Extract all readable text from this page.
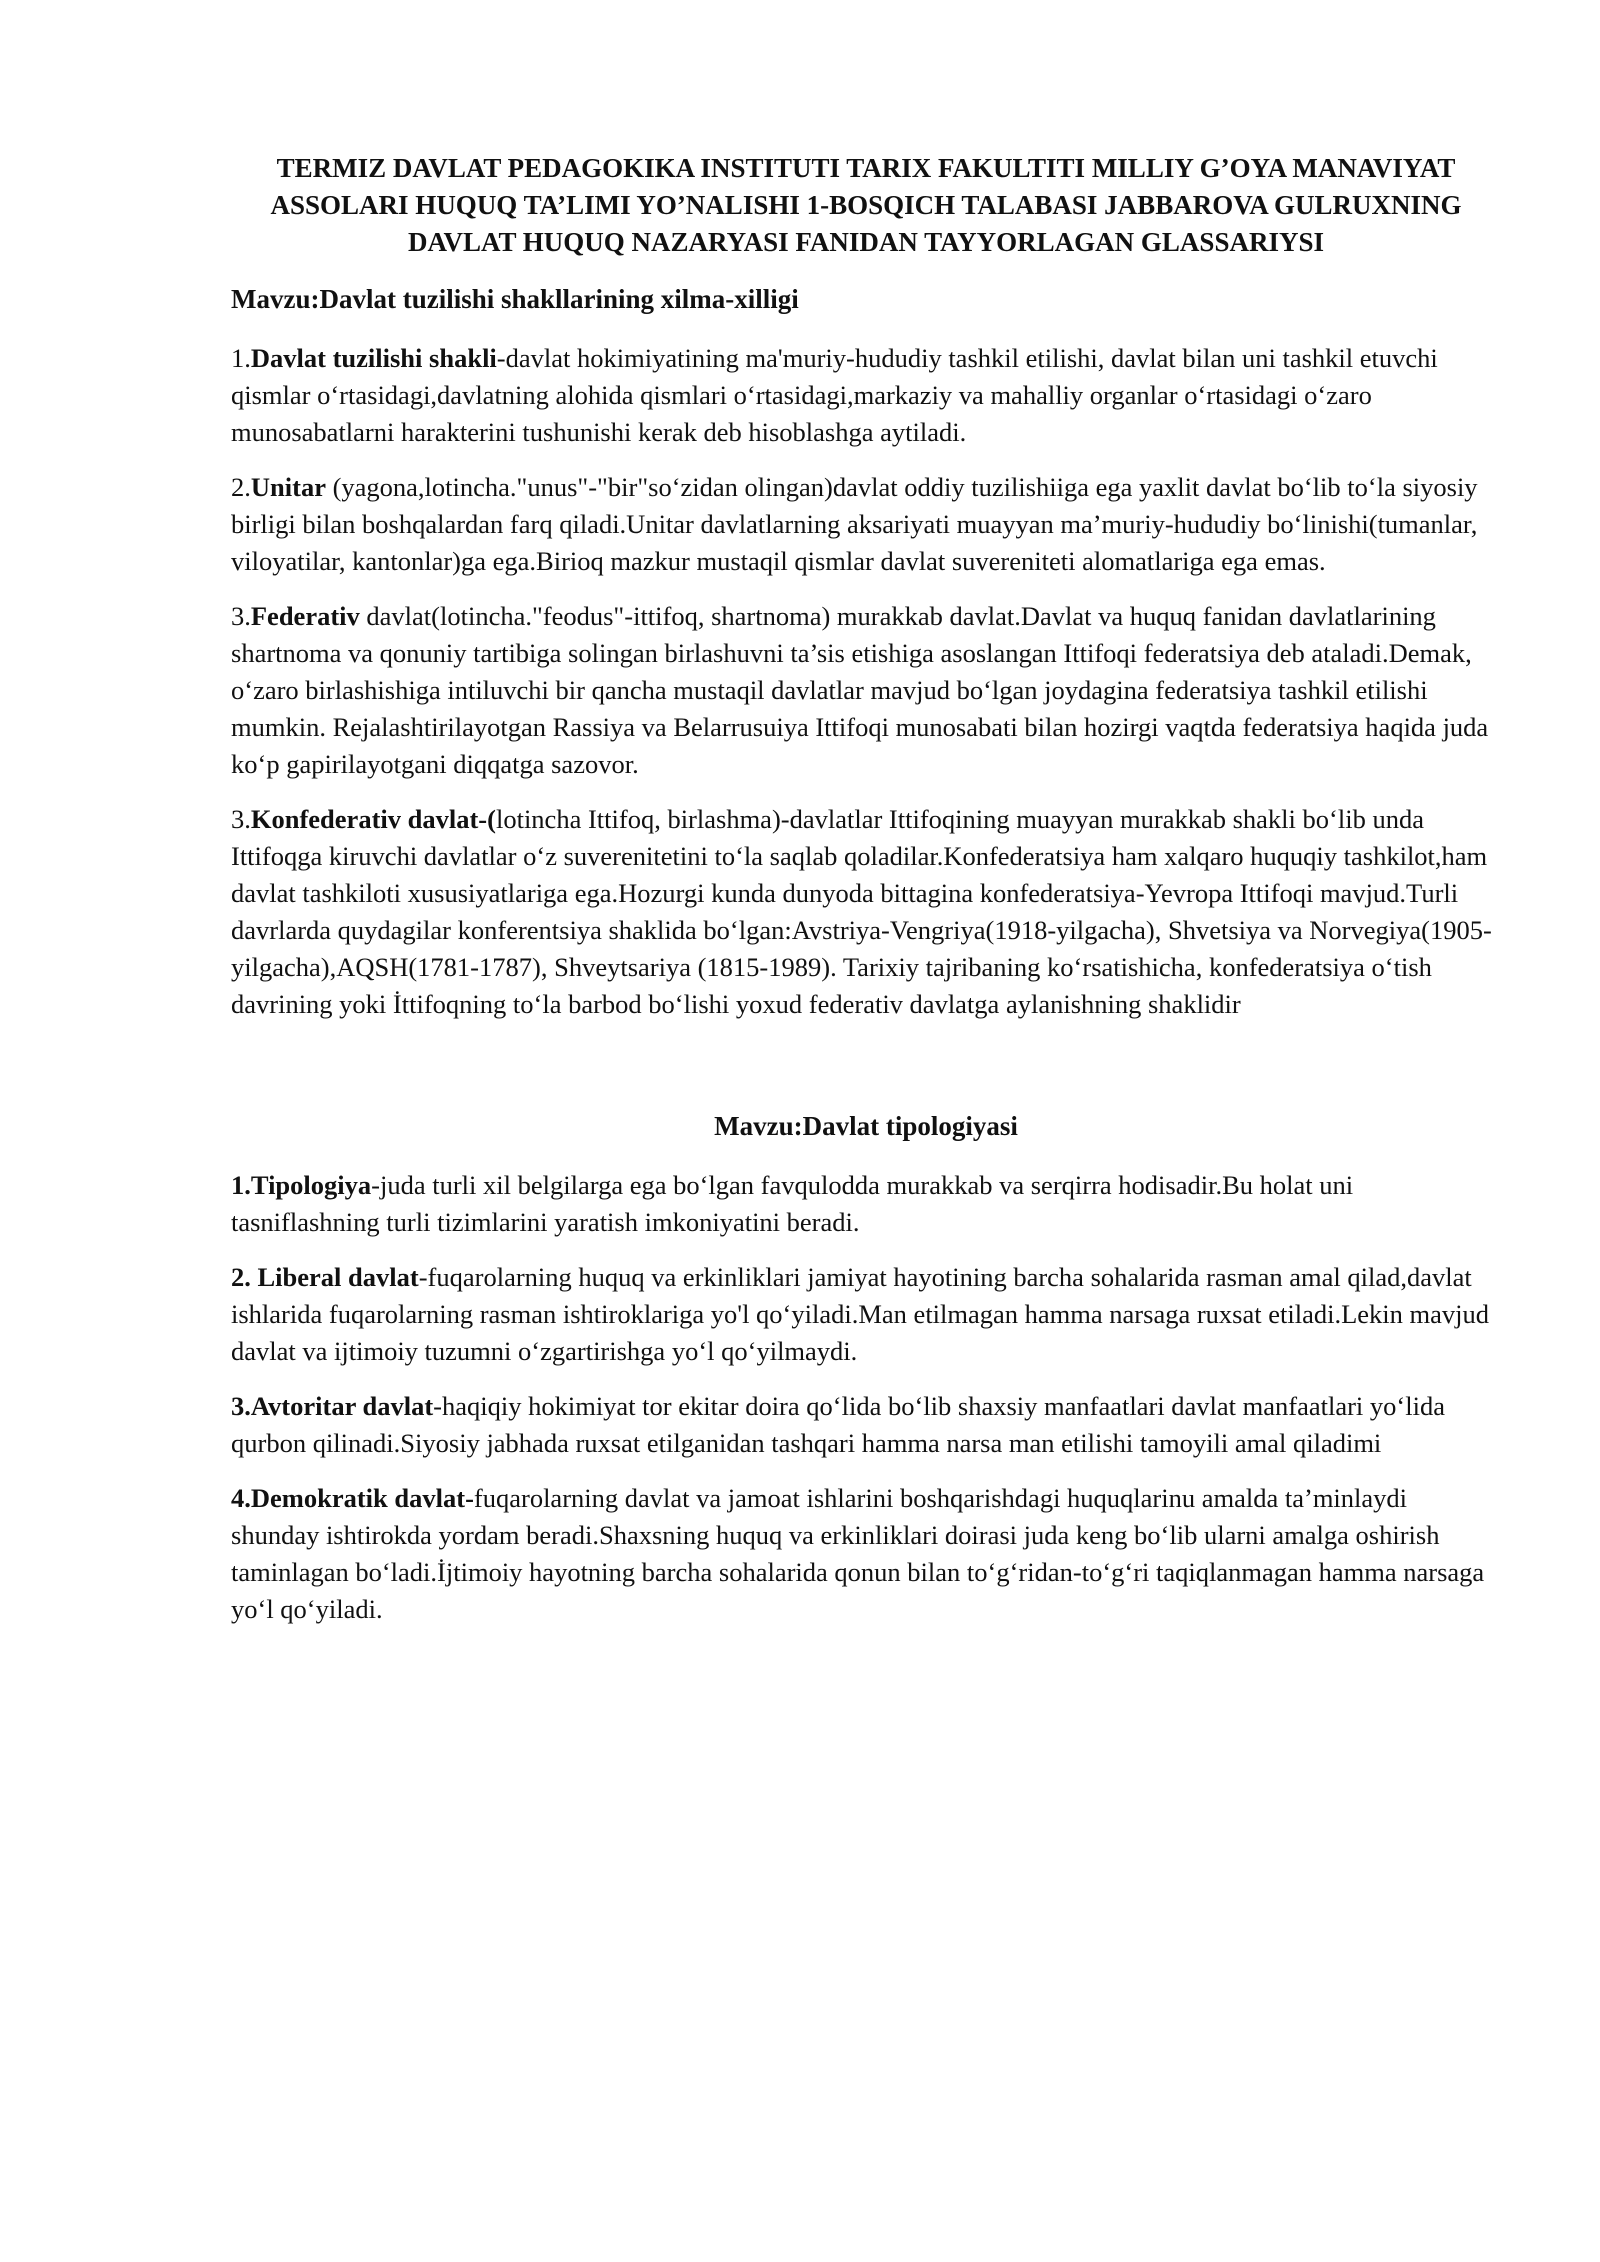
TERMIZ DAVLAT PEDAGOKIKA INSTITUTI TARIX FAKULTITI MILLIY G’OYA MANAVIYAT ASSOLARI HUQUQ TA’LIMI YO’NALISHI 1-BOSQICH TALABASI JABBAROVA GULRUXNING DAVLAT HUQUQ NAZARYASI FANIDAN TAYYORLAGAN GLASSARIYSI
Mavzu:Davlat tuzilishi shakllarining xilma-xilligi

1.Davlat tuzilishi shakli-davlat hokimiyatining ma'muriy-hududiy tashkil etilishi, davlat bilan uni tashkil etuvchi qismlar o‘rtasidagi,davlatning alohida qismlari o‘rtasidagi,markaziy va mahalliy organlar o‘rtasidagi o‘zaro munosabatlarni harakterini tushunishi kerak deb hisoblashga aytiladi.

2.Unitar (yagona,lotincha."unus"-"bir"so‘zidan olingan)davlat oddiy tuzilishiiga ega yaxlit davlat bo‘lib to‘la siyosiy birligi bilan boshqalardan farq qiladi.Unitar davlatlarning aksariyati muayyan ma’muriy-hududiy bo‘linishi(tumanlar, viloyatilar, kantonlar)ga ega.Birioq mazkur mustaqil qismlar davlat suvereniteti alomatlariga ega emas.

3.Federativ davlat(lotincha."feodus"-ittifoq, shartnoma) murakkab davlat.Davlat va huquq fanidan davlatlarining shartnoma va qonuniy tartibiga solingan birlashuvni ta’sis etishiga asoslangan Ittifoqi federatsiya deb ataladi.Demak, o‘zaro birlashishiga intiluvchi bir qancha mustaqil davlatlar mavjud bo‘lgan joydagina federatsiya tashkil etilishi mumkin. Rejalashtirilayotgan Rassiya va Belarrusuiya Ittifoqi munosabati bilan hozirgi vaqtda federatsiya haqida juda ko‘p gapirilayotgani diqqatga sazovor.

3.Konfederativ davlat-(lotincha Ittifoq, birlashma)-davlatlar Ittifoqining muayyan murakkab shakli bo‘lib unda Ittifoqga kiruvchi davlatlar o‘z suverenitetini to‘la saqlab qoladilar.Konfederatsiya ham xalqaro huquqiy tashkilot,ham davlat tashkiloti xususiyatlariga ega.Hozurgi kunda dunyoda bittagina konfederatsiya-Yevropa Ittifoqi mavjud.Turli davrlarda quydagilar konferentsiya shaklida bo‘lgan:Avstriya-Vengriya(1918-yilgacha), Shvetsiya va Norvegiya(1905-yilgacha),AQSH(1781-1787), Shveytsariya (1815-1989). Tarixiy tajribaning ko‘rsatishicha, konfederatsiya o‘tish davrining yoki İttifoqning to‘la barbod bo‘lishi yoxud federativ davlatga aylanishning shaklidir

Mavzu:Davlat tipologiyasi

1.Tipologiya-juda turli xil belgilarga ega bo‘lgan favqulodda murakkab va serqirra hodisadir.Bu holat uni tasniflashning turli tizimlarini yaratish imkoniyatini beradi.

2. Liberal davlat-fuqarolarning huquq va erkinliklari jamiyat hayotining barcha sohalarida rasman amal qilad,davlat ishlarida fuqarolarning rasman ishtiroklariga yo'l qo‘yiladi.Man etilmagan hamma narsaga ruxsat etiladi.Lekin mavjud davlat va ijtimoiy tuzumni o‘zgartirishga yo‘l qo‘yilmaydi.

3.Avtoritar davlat-haqiqiy hokimiyat tor ekitar doira qo‘lida bo‘lib shaxsiy manfaatlari davlat manfaatlari yo‘lida qurbon qilinadi.Siyosiy jabhada ruxsat etilganidan tashqari hamma narsa man etilishi tamoyili amal qiladimi

4.Demokratik davlat-fuqarolarning davlat va jamoat ishlarini boshqarishdagi huquqlarinu amalda ta’minlaydi shunday ishtirokda yordam beradi.Shaxsning huquq va erkinliklari doirasi juda keng bo‘lib ularni amalga oshirish taminlagan bo‘ladi.İjtimoiy hayotning barcha sohalarida qonun bilan to‘g‘ridan-to‘g‘ri taqiqlanmagan hamma narsaga yo‘l qo‘yiladi.
